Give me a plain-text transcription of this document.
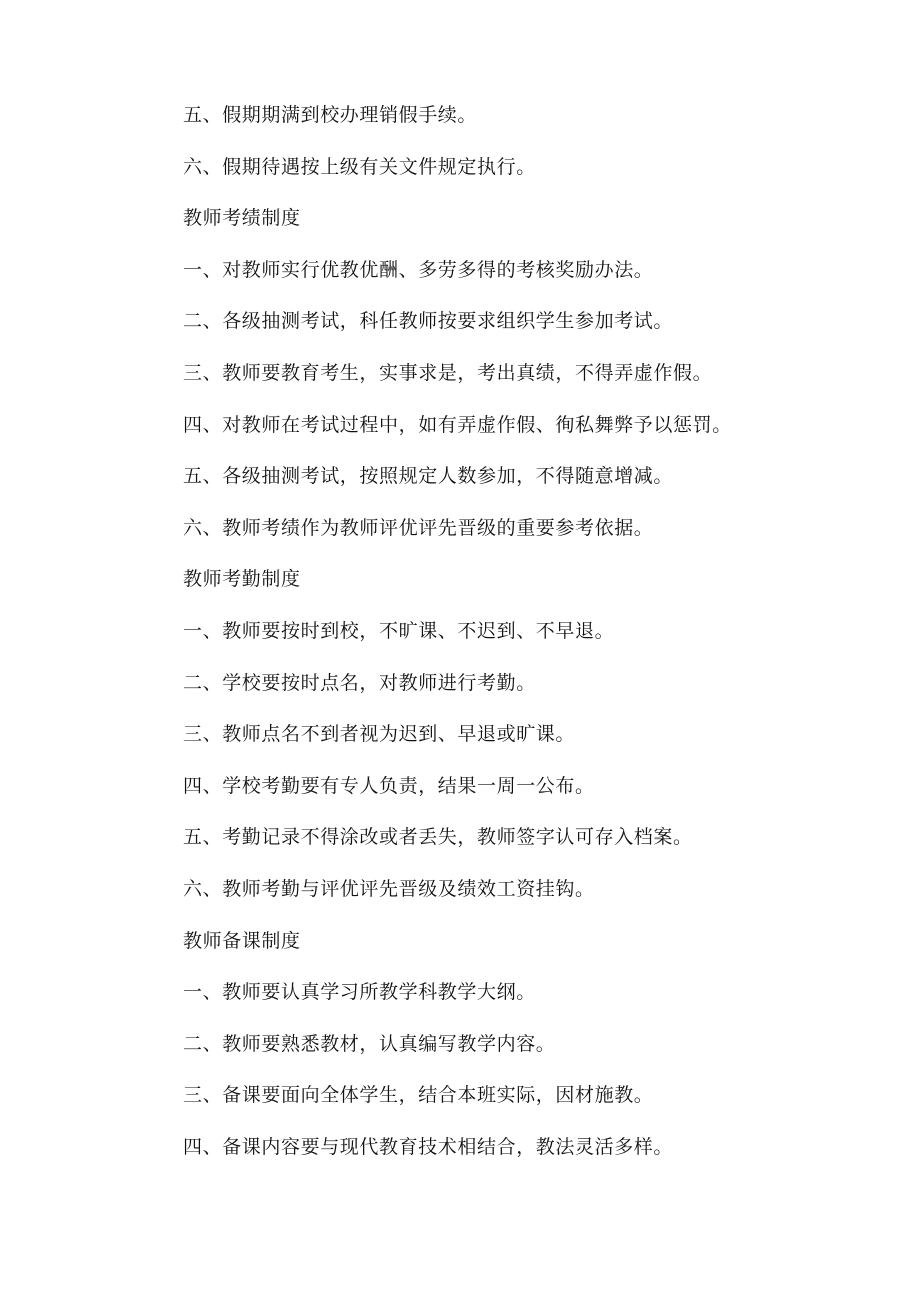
五、假期期满到校办理销假手续。
六、假期待遇按上级有关文件规定执行。
教师考绩制度
一、对教师实行优教优酬、多劳多得的考核奖励办法。
二、各级抽测考试，科任教师按要求组织学生参加考试。
三、教师要教育考生，实事求是，考出真绩，不得弄虚作假。
四、对教师在考试过程中，如有弄虚作假、徇私舞弊予以惩罚。
五、各级抽测考试，按照规定人数参加，不得随意增减。
六、教师考绩作为教师评优评先晋级的重要参考依据。
教师考勤制度
一、教师要按时到校，不旷课、不迟到、不早退。
二、学校要按时点名，对教师进行考勤。
三、教师点名不到者视为迟到、早退或旷课。
四、学校考勤要有专人负责，结果一周一公布。
五、考勤记录不得涂改或者丢失，教师签字认可存入档案。
六、教师考勤与评优评先晋级及绩效工资挂钩。
教师备课制度
一、教师要认真学习所教学科教学大纲。
二、教师要熟悉教材，认真编写教学内容。
三、备课要面向全体学生，结合本班实际，因材施教。
四、备课内容要与现代教育技术相结合，教法灵活多样。
